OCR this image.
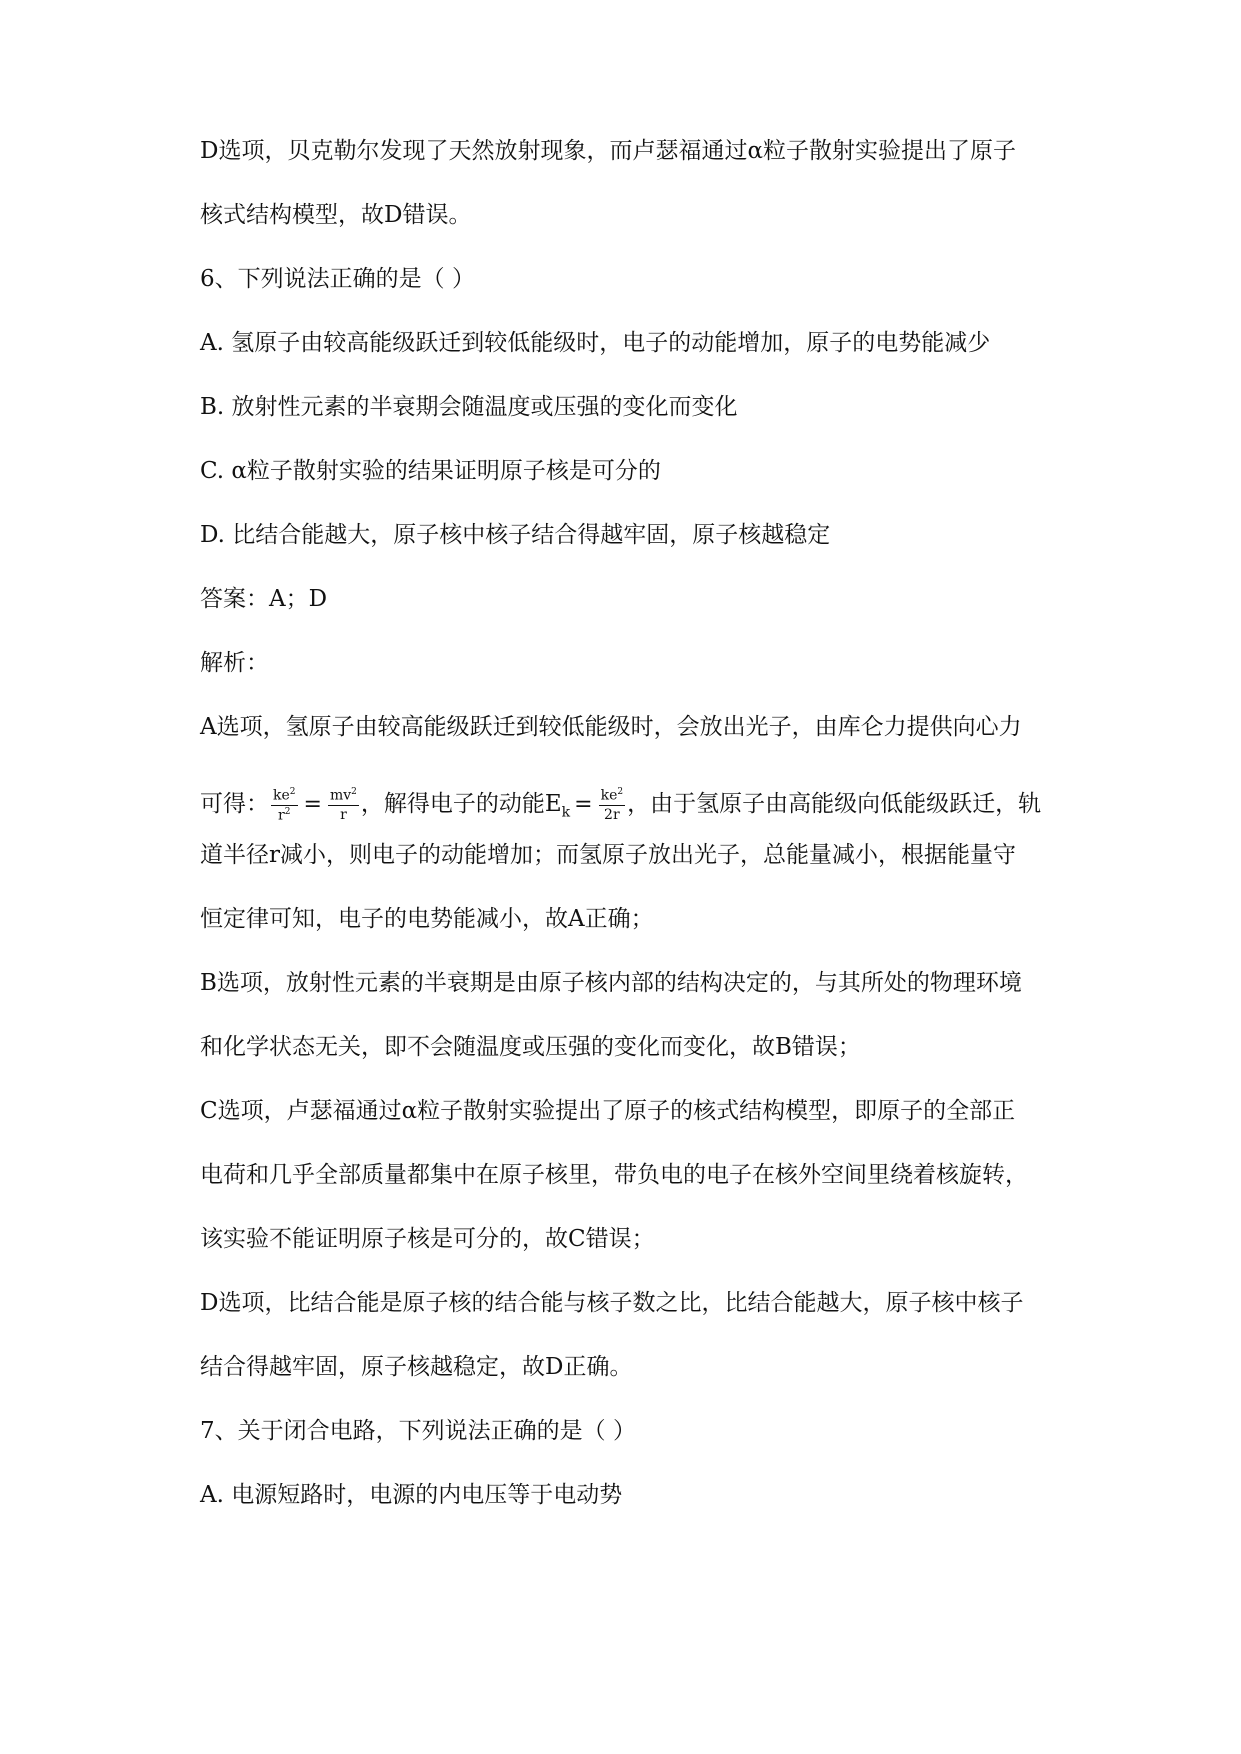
D选项，贝克勒尔发现了天然放射现象，而卢瑟福通过α粒子散射实验提出了原子
核式结构模型，故D错误。
6、下列说法正确的是（ ）
A. 氢原子由较高能级跃迁到较低能级时，电子的动能增加，原子的电势能减少
B. 放射性元素的半衰期会随温度或压强的变化而变化
C. α粒子散射实验的结果证明原子核是可分的
D. 比结合能越大，原子核中核子结合得越牢固，原子核越稳定
答案：A；D
解析：
A选项，氢原子由较高能级跃迁到较低能级时，会放出光子，由库仑力提供向心力
可得： $\frac{ke^2}{r^2} = \frac{mv^2}{r}$ ，解得电子的动能$E_k = \frac{ke^2}{2r}$ ，由于氢原子由高能级向低能级跃迁，轨
道半径r减小，则电子的动能增加；而氢原子放出光子，总能量减小，根据能量守
恒定律可知，电子的电势能减小，故A正确；
B选项，放射性元素的半衰期是由原子核内部的结构决定的，与其所处的物理环境
和化学状态无关，即不会随温度或压强的变化而变化，故B错误；
C选项，卢瑟福通过α粒子散射实验提出了原子的核式结构模型，即原子的全部正
电荷和几乎全部质量都集中在原子核里，带负电的电子在核外空间里绕着核旋转，
该实验不能证明原子核是可分的，故C错误；
D选项，比结合能是原子核的结合能与核子数之比，比结合能越大，原子核中核子
结合得越牢固，原子核越稳定，故D正确。
7、关于闭合电路，下列说法正确的是（ ）
A. 电源短路时，电源的内电压等于电动势
